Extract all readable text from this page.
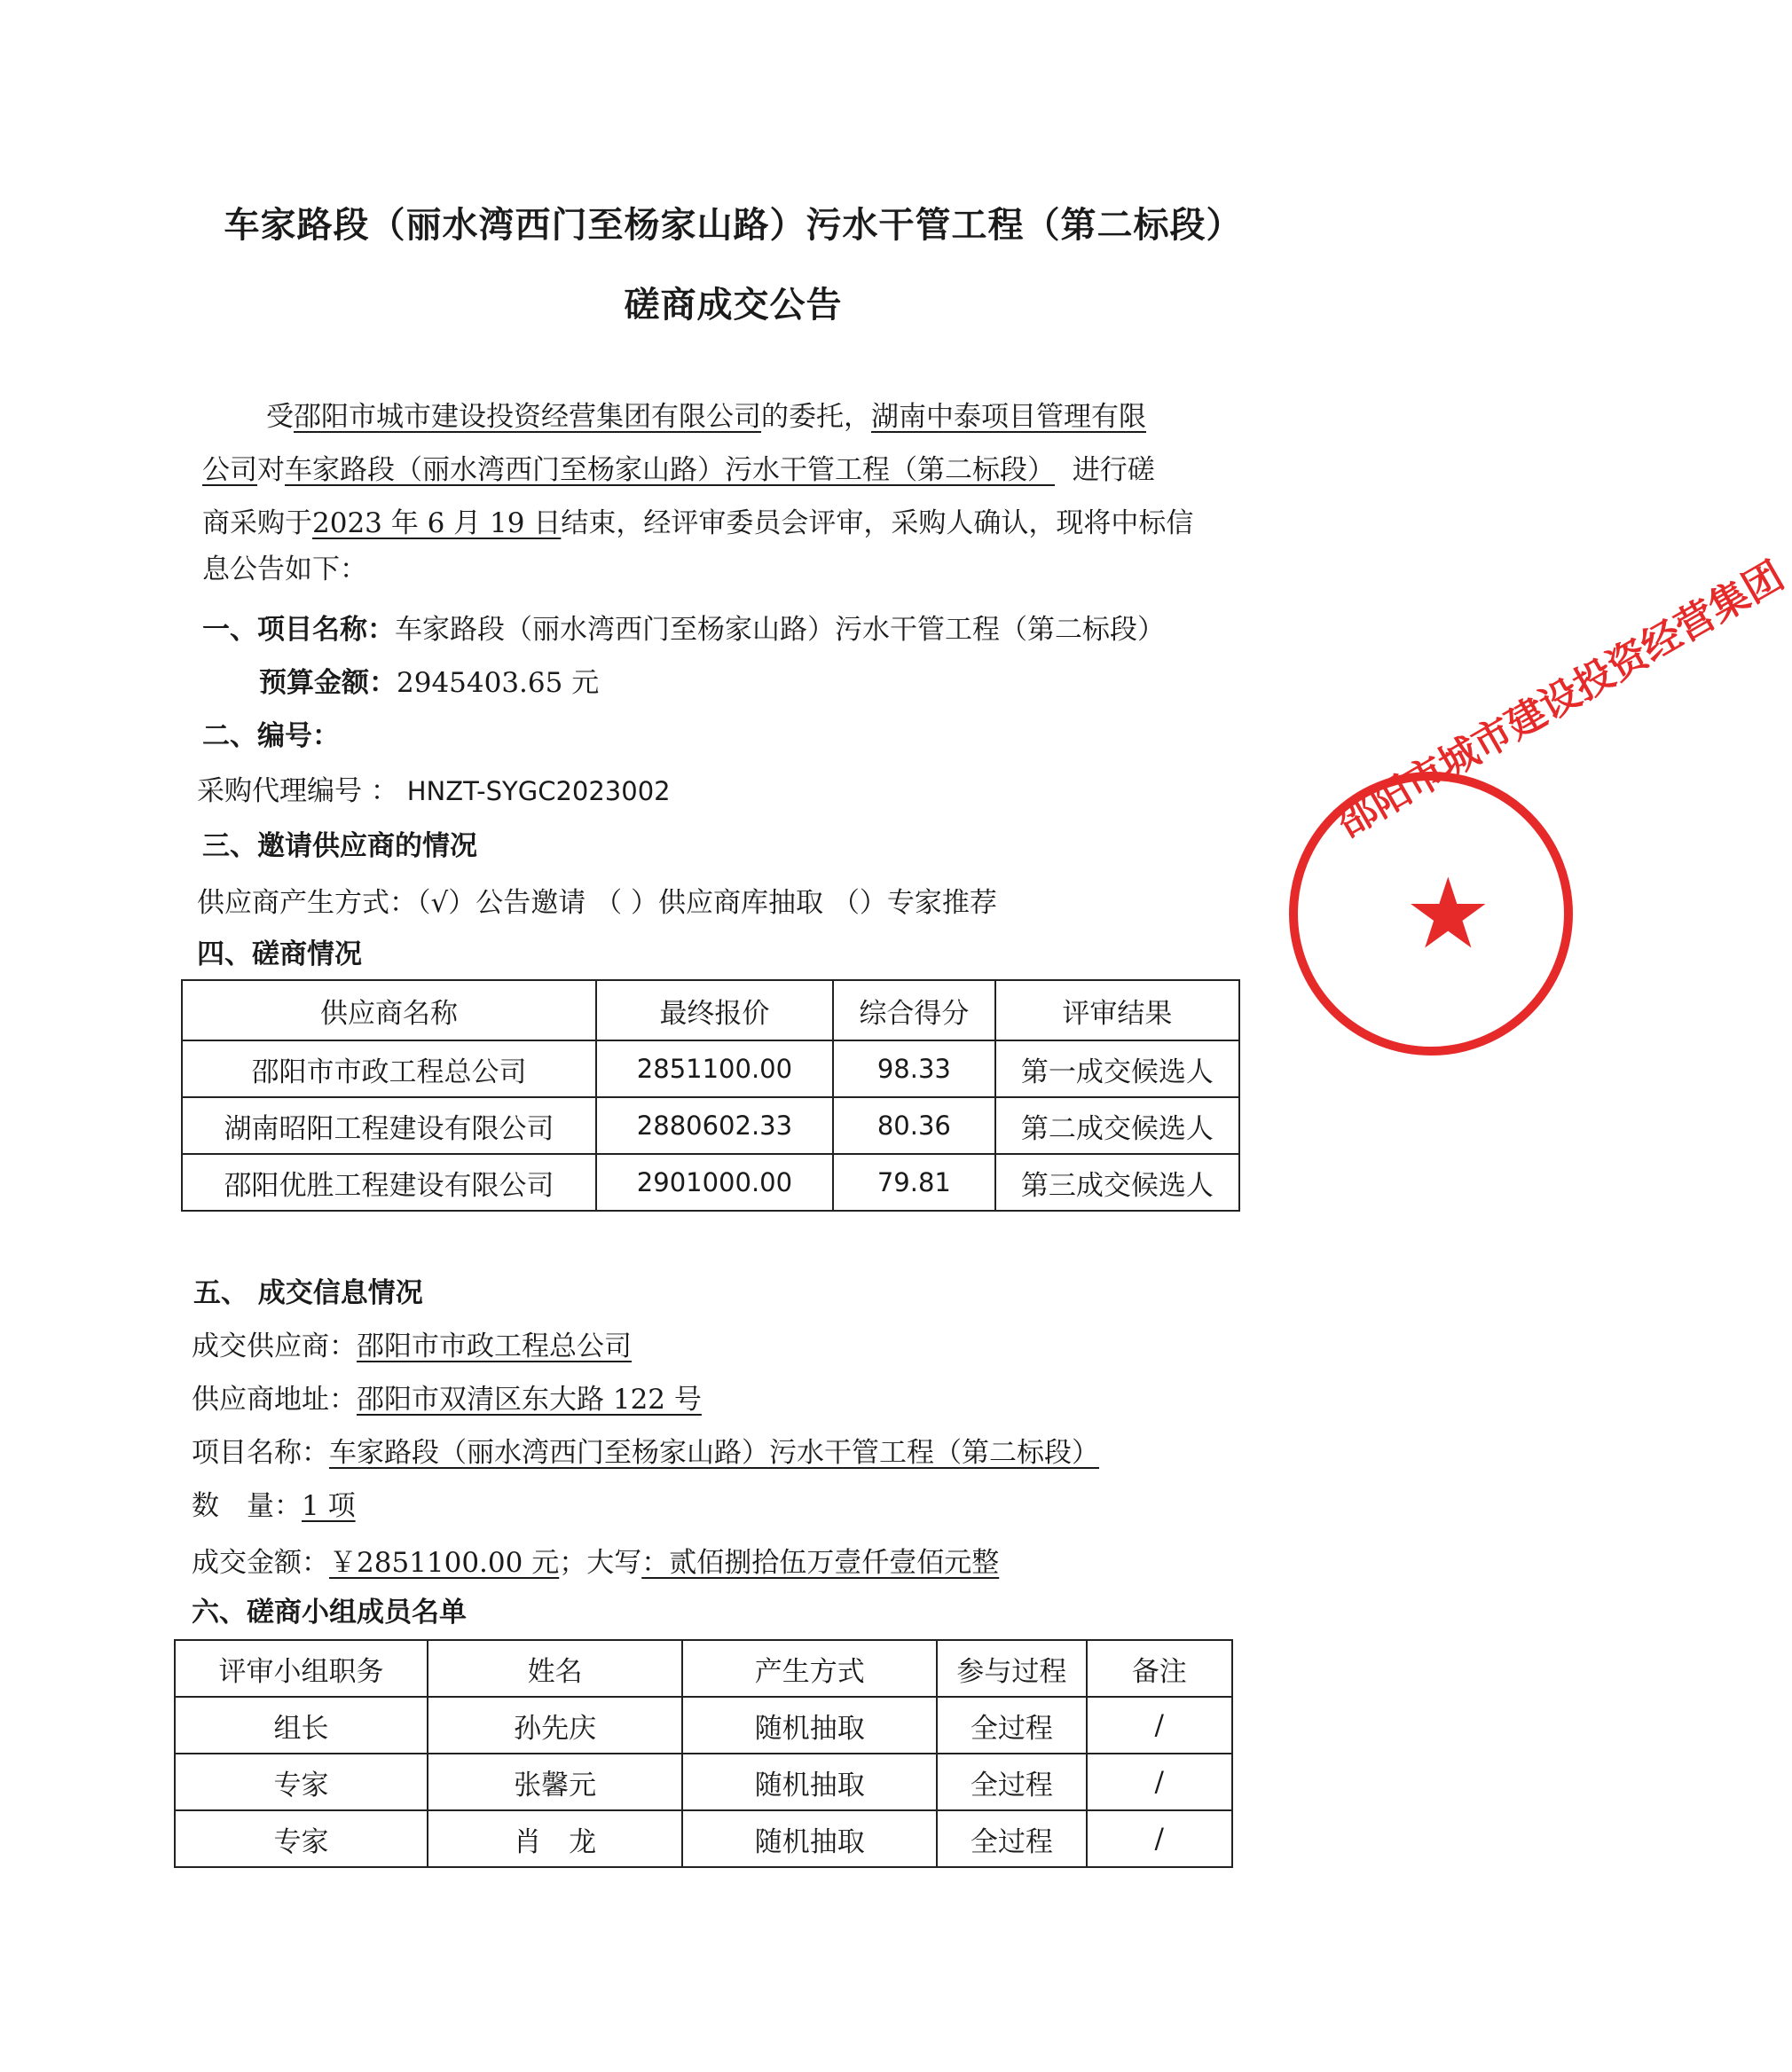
车家路段（丽水湾西门至杨家山路）污水干管工程（第二标段）
磋商成交公告
受邵阳市城市建设投资经营集团有限公司的委托，湖南中泰项目管理有限
公司对车家路段（丽水湾西门至杨家山路）污水干管工程（第二标段） 进行磋
商采购于2023 年 6 月 19 日结束，经评审委员会评审，采购人确认，现将中标信
息公告如下：
一、项目名称：车家路段（丽水湾西门至杨家山路）污水干管工程（第二标段）
预算金额：2945403.65 元
二、编号：
采购代理编号 ： HNZT-SYGC2023002
三、邀请供应商的情况
供应商产生方式：（√）公告邀请 （ ）供应商库抽取 （）专家推荐
四、磋商情况
供应商名称	最终报价	综合得分	评审结果
邵阳市市政工程总公司	2851100.00	98.33	第一成交候选人
湖南昭阳工程建设有限公司	2880602.33	80.36	第二成交候选人
邵阳优胜工程建设有限公司	2901000.00	79.81	第三成交候选人
五、 成交信息情况
成交供应商：邵阳市市政工程总公司
供应商地址：邵阳市双清区东大路 122 号
项目名称：车家路段（丽水湾西门至杨家山路）污水干管工程（第二标段）
数　量：1 项
成交金额：￥2851100.00 元；大写：贰佰捌拾伍万壹仟壹佰元整
六、磋商小组成员名单
评审小组职务	姓名	产生方式	参与过程	备注
组长	孙先庆	随机抽取	全过程	/
专家	张馨元	随机抽取	全过程	/
专家	肖　龙	随机抽取	全过程	/
邵阳市城市建设投资经营集团
★
